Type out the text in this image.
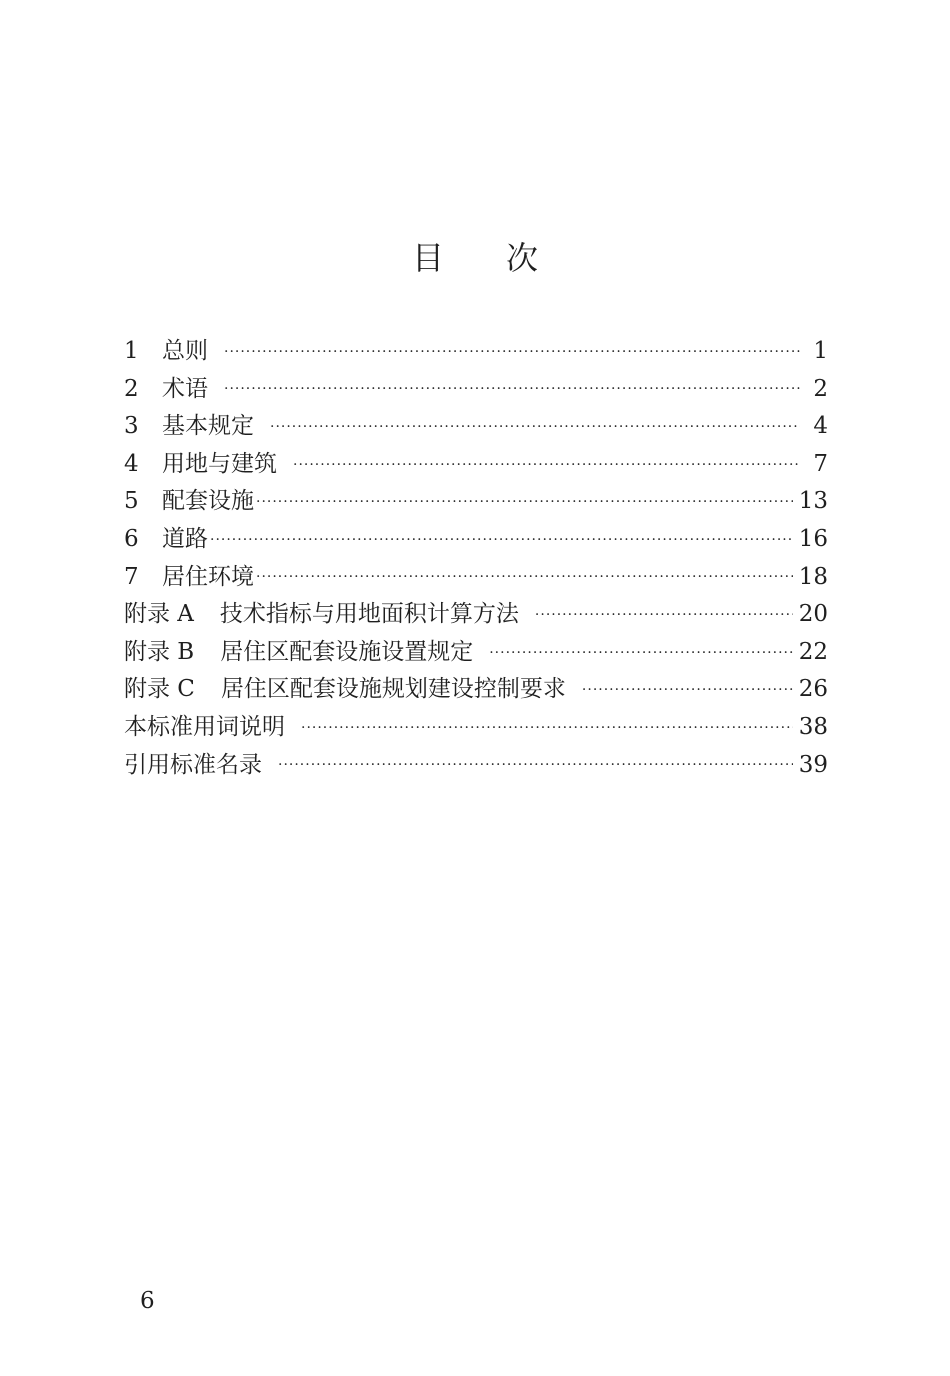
目次
1	总则 ·····	1
2	术语 ·····	2
3	基本规定 ·····	4
4	用地与建筑 ·····	7
5	配套设施 ·····	13
6	道路 ·····	16
7	居住环境 ·····	18
附录 A 技术指标与用地面积计算方法 ·····	20
附录 B 居住区配套设施设置规定 ·····	22
附录 C 居住区配套设施规划建设控制要求 ·····	26
本标准用词说明 ·····	38
引用标准名录 ·····	39
6
